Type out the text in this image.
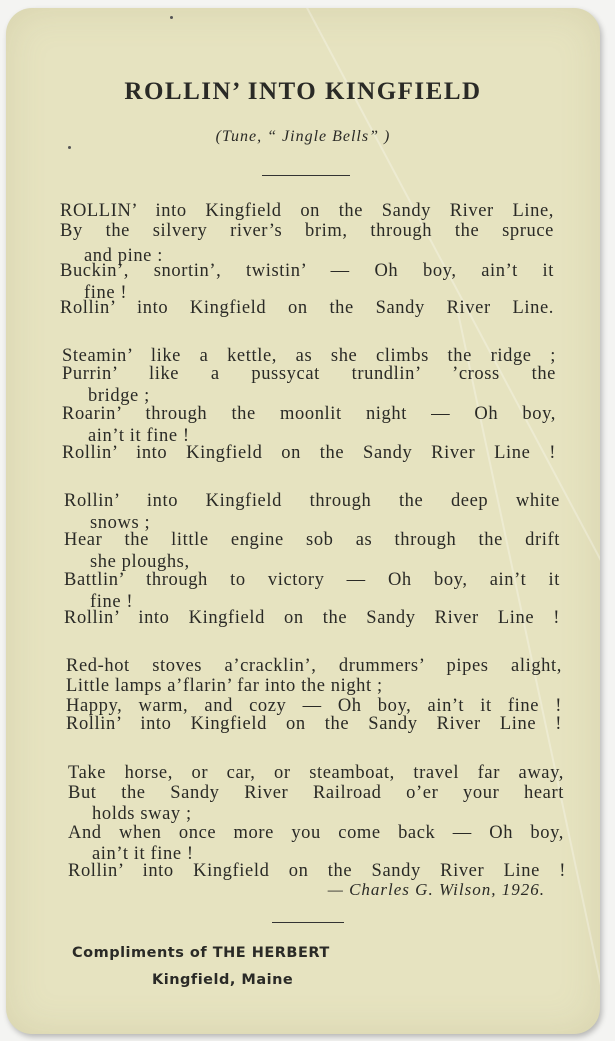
ROLLIN’ INTO KINGFIELD
(Tune, “ Jingle Bells” )
ROLLIN’ into Kingfield on the Sandy River Line,
By the silvery river’s brim, through the spruce
and pine :
Buckin’, snortin’, twistin’ — Oh boy, ain’t it
fine !
Rollin’ into Kingfield on the Sandy River Line.
Steamin’ like a kettle, as she climbs the ridge ;
Purrin’ like a pussycat trundlin’ ’cross the
bridge ;
Roarin’ through the moonlit night — Oh boy,
ain’t it fine !
Rollin’ into Kingfield on the Sandy River Line !
Rollin’ into Kingfield through the deep white
snows ;
Hear the little engine sob as through the drift
she ploughs,
Battlin’ through to victory — Oh boy, ain’t it
fine !
Rollin’ into Kingfield on the Sandy River Line !
Red-hot stoves a’cracklin’, drummers’ pipes alight,
Little lamps a’flarin’ far into the night ;
Happy, warm, and cozy — Oh boy, ain’t it fine !
Rollin’ into Kingfield on the Sandy River Line !
Take horse, or car, or steamboat, travel far away,
But the Sandy River Railroad o’er your heart
holds sway ;
And when once more you come back — Oh boy,
ain’t it fine !
Rollin’ into Kingfield on the Sandy River Line !
— Charles G. Wilson, 1926.
Compliments of THE HERBERT
Kingfield, Maine
